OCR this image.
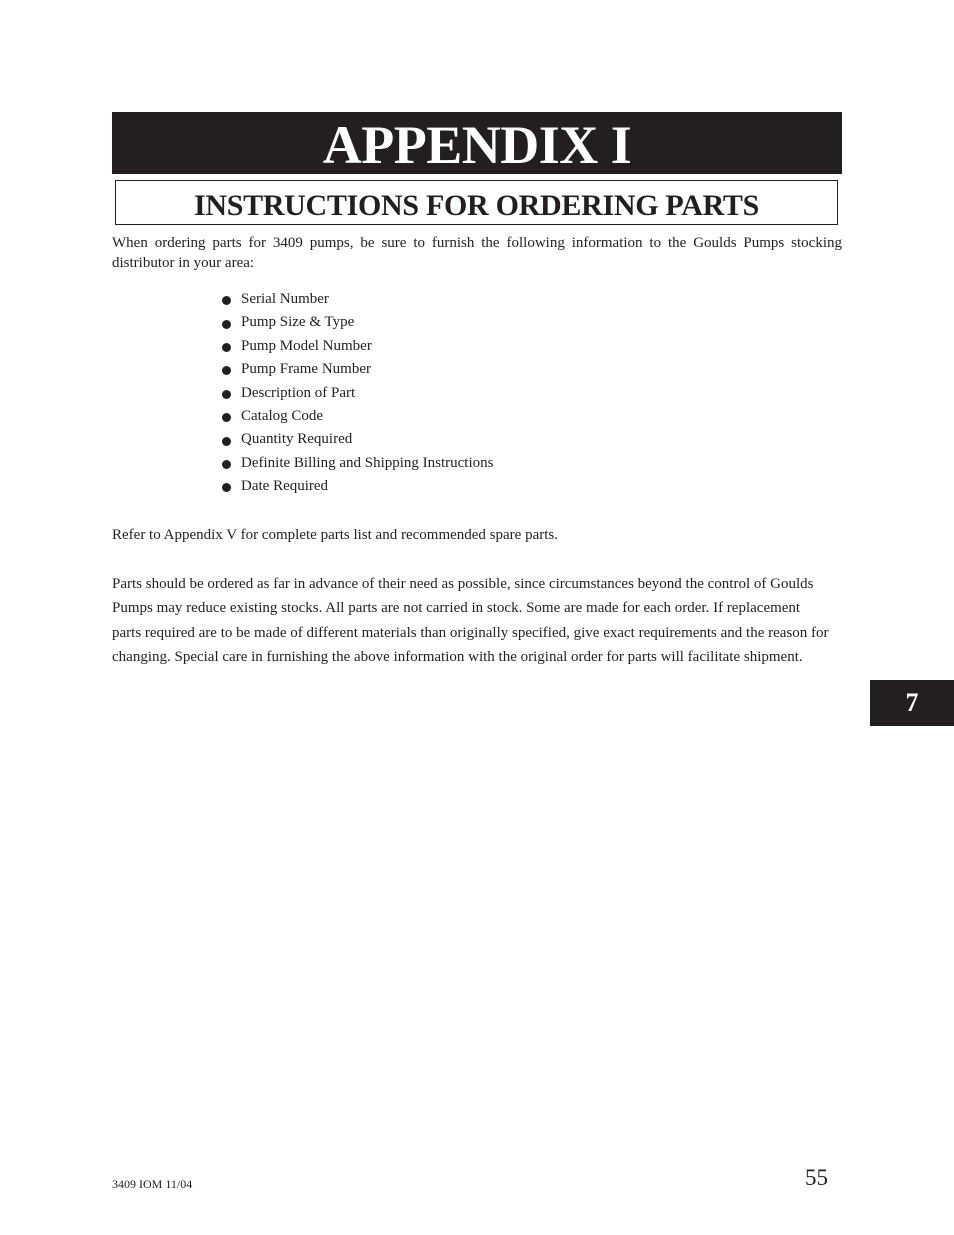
APPENDIX I
INSTRUCTIONS FOR ORDERING PARTS

When ordering parts for 3409 pumps, be sure to furnish the following information to the Goulds Pumps stocking distributor in your area:

Serial Number
Pump Size & Type
Pump Model Number
Pump Frame Number
Description of Part
Catalog Code
Quantity Required
Definite Billing and Shipping Instructions
Date Required

Refer to Appendix V for complete parts list and recommended spare parts.

Parts should be ordered as far in advance of their need as possible, since circumstances beyond the control of Goulds Pumps may reduce existing stocks. All parts are not carried in stock. Some are made for each order. If replacement parts required are to be made of different materials than originally specified, give exact requirements and the reason for changing. Special care in furnishing the above information with the original order for parts will facilitate shipment.

7

3409 IOM 11/04	55
